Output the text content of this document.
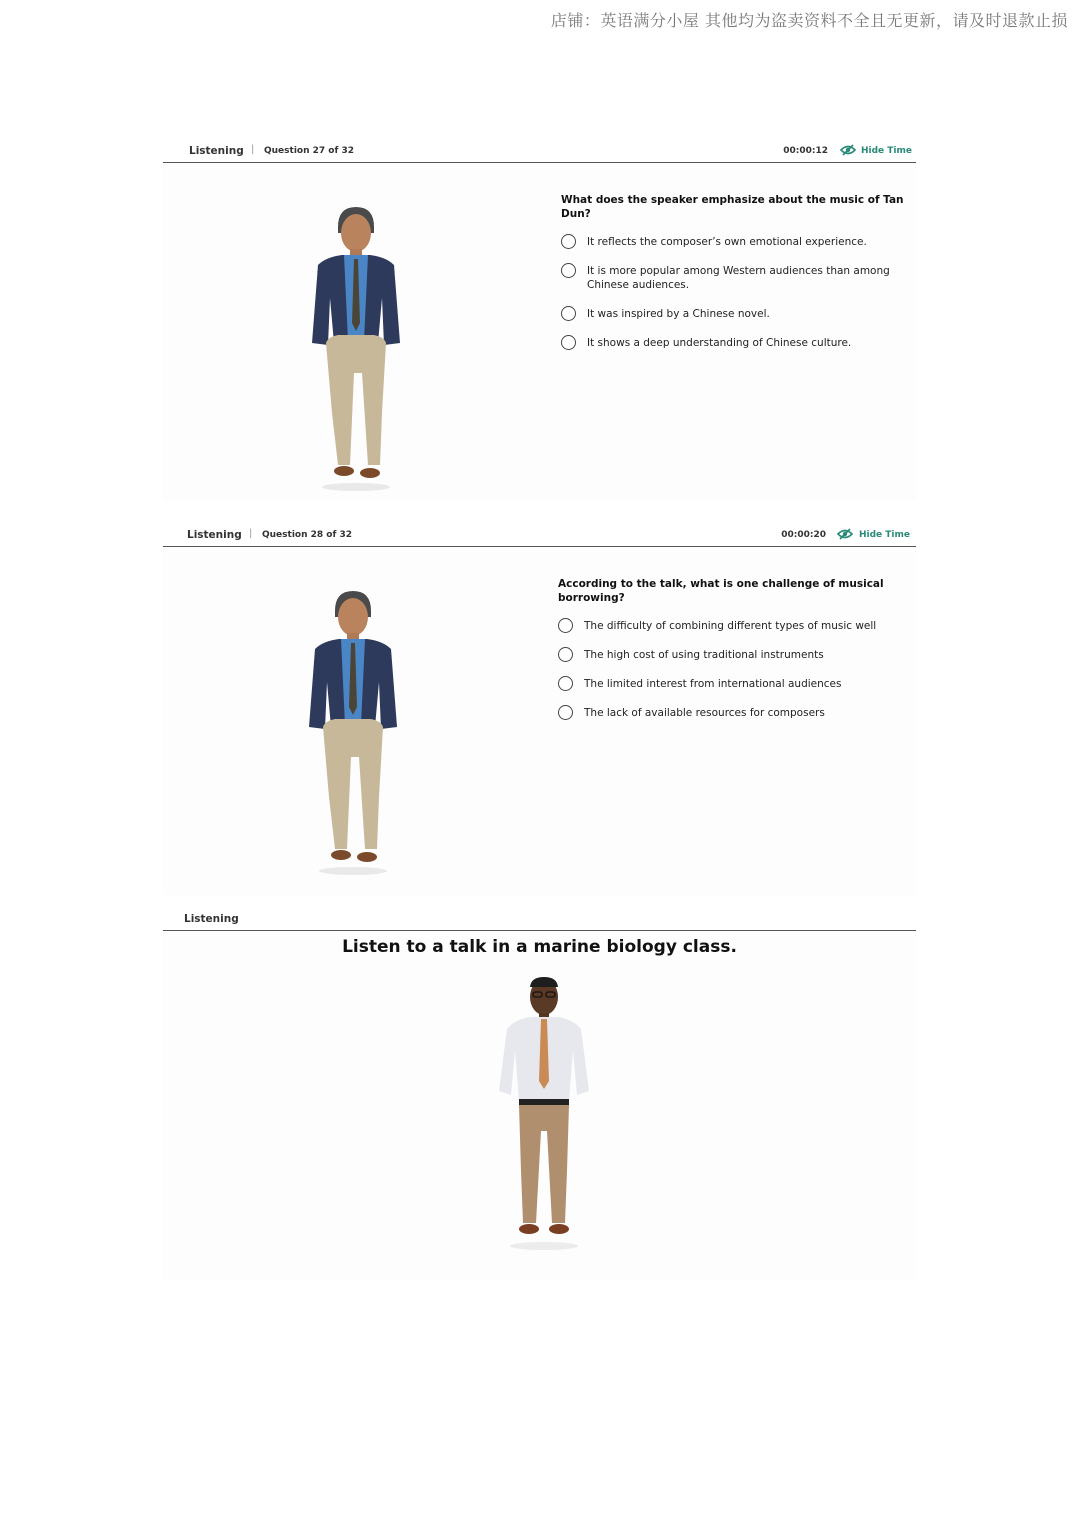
店铺：英语满分小屋 其他均为盗卖资料不全且无更新，请及时退款止损
Listening | Question 27 of 32	00:00:12	Hide Time

What does the speaker emphasize about the music of Tan Dun?

It reflects the composer’s own emotional experience.
It is more popular among Western audiences than among Chinese audiences.
It was inspired by a Chinese novel.
It shows a deep understanding of Chinese culture.
Listening | Question 28 of 32	00:00:20	Hide Time

According to the talk, what is one challenge of musical borrowing?

The difficulty of combining different types of music well
The high cost of using traditional instruments
The limited interest from international audiences
The lack of available resources for composers
Listening
Listen to a talk in a marine biology class.
